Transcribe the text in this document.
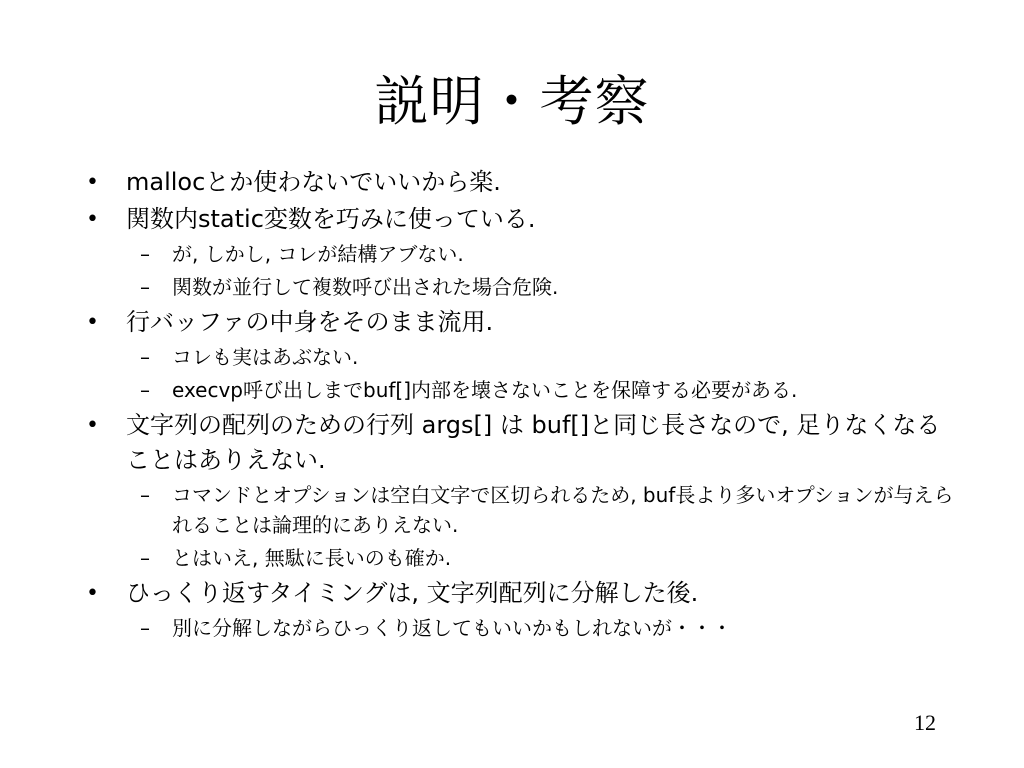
説明・考察
• mallocとか使わないでいいから楽.
• 関数内static変数を巧みに使っている.
– が, しかし, コレが結構アブない.
– 関数が並行して複数呼び出された場合危険.
• 行バッファの中身をそのまま流用.
– コレも実はあぶない.
– execvp呼び出しまでbuf[]内部を壊さないことを保障する必要がある.
• 文字列の配列のための行列 args[] は buf[]と同じ長さなので, 足りなくなることはありえない.
– コマンドとオプションは空白文字で区切られるため, buf長より多いオプションが与えられることは論理的にありえない.
– とはいえ, 無駄に長いのも確か.
• ひっくり返すタイミングは, 文字列配列に分解した後.
– 別に分解しながらひっくり返してもいいかもしれないが・・・
12
